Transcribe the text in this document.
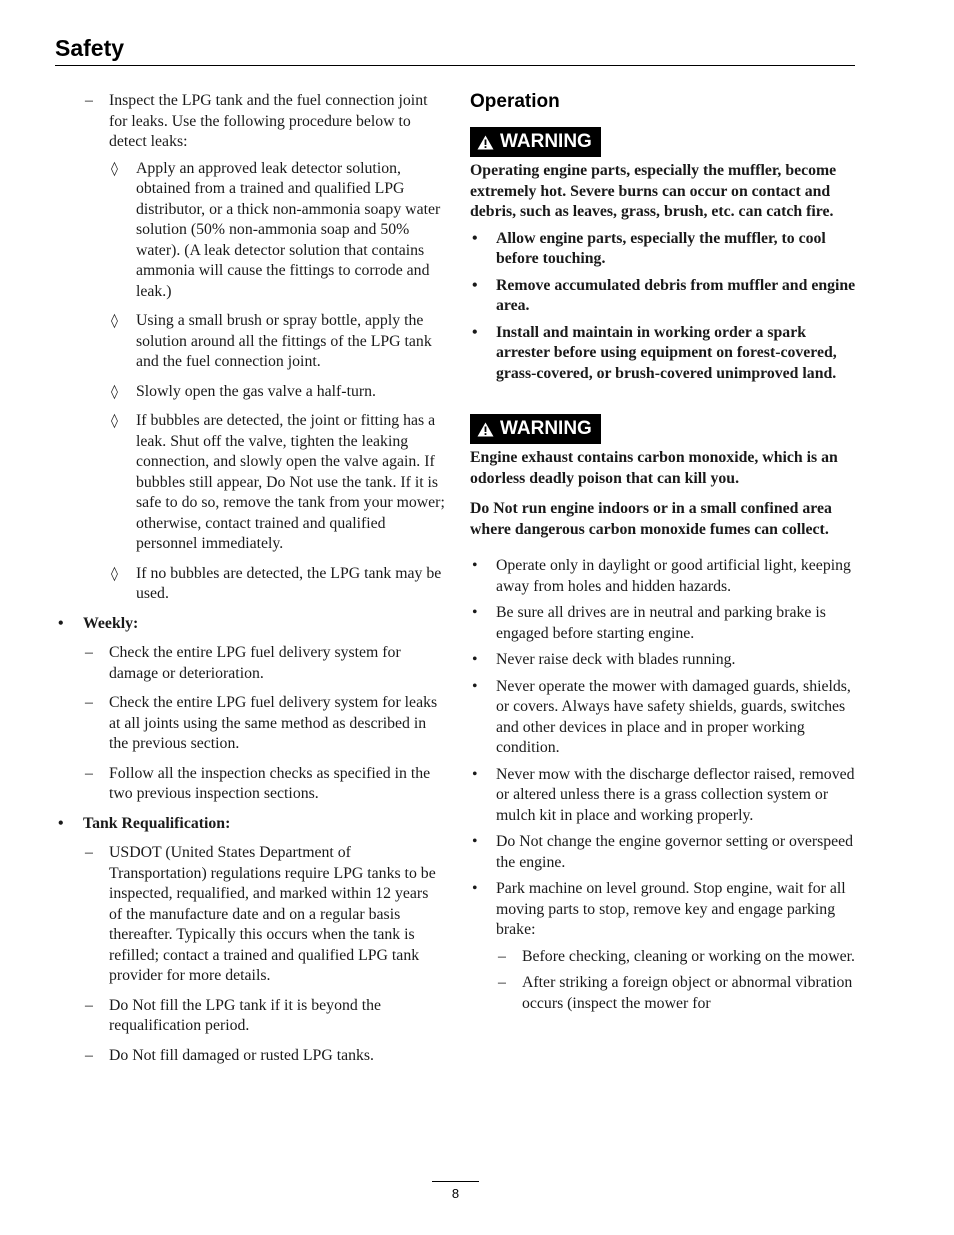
Safety
– Inspect the LPG tank and the fuel connection joint for leaks. Use the following procedure below to detect leaks:
◊ Apply an approved leak detector solution, obtained from a trained and qualified LPG distributor, or a thick non-ammonia soapy water solution (50% non-ammonia soap and 50% water). (A leak detector solution that contains ammonia will cause the fittings to corrode and leak.)
◊ Using a small brush or spray bottle, apply the solution around all the fittings of the LPG tank and the fuel connection joint.
◊ Slowly open the gas valve a half-turn.
◊ If bubbles are detected, the joint or fitting has a leak. Shut off the valve, tighten the leaking connection, and slowly open the valve again. If bubbles still appear, Do Not use the tank. If it is safe to do so, remove the tank from your mower; otherwise, contact trained and qualified personnel immediately.
◊ If no bubbles are detected, the LPG tank may be used.
• Weekly:
– Check the entire LPG fuel delivery system for damage or deterioration.
– Check the entire LPG fuel delivery system for leaks at all joints using the same method as described in the previous section.
– Follow all the inspection checks as specified in the two previous inspection sections.
• Tank Requalification:
– USDOT (United States Department of Transportation) regulations require LPG tanks to be inspected, requalified, and marked within 12 years of the manufacture date and on a regular basis thereafter. Typically this occurs when the tank is refilled; contact a trained and qualified LPG tank provider for more details.
– Do Not fill the LPG tank if it is beyond the requalification period.
– Do Not fill damaged or rusted LPG tanks.
Operation
WARNING

Operating engine parts, especially the muffler, become extremely hot. Severe burns can occur on contact and debris, such as leaves, grass, brush, etc. can catch fire.

• Allow engine parts, especially the muffler, to cool before touching.
• Remove accumulated debris from muffler and engine area.
• Install and maintain in working order a spark arrester before using equipment on forest-covered, grass-covered, or brush-covered unimproved land.
WARNING

Engine exhaust contains carbon monoxide, which is an odorless deadly poison that can kill you.

Do Not run engine indoors or in a small confined area where dangerous carbon monoxide fumes can collect.

• Operate only in daylight or good artificial light, keeping away from holes and hidden hazards.
• Be sure all drives are in neutral and parking brake is engaged before starting engine.
• Never raise deck with blades running.
• Never operate the mower with damaged guards, shields, or covers. Always have safety shields, guards, switches and other devices in place and in proper working condition.
• Never mow with the discharge deflector raised, removed or altered unless there is a grass collection system or mulch kit in place and working properly.
• Do Not change the engine governor setting or overspeed the engine.
• Park machine on level ground. Stop engine, wait for all moving parts to stop, remove key and engage parking brake:
– Before checking, cleaning or working on the mower.
– After striking a foreign object or abnormal vibration occurs (inspect the mower for
8
